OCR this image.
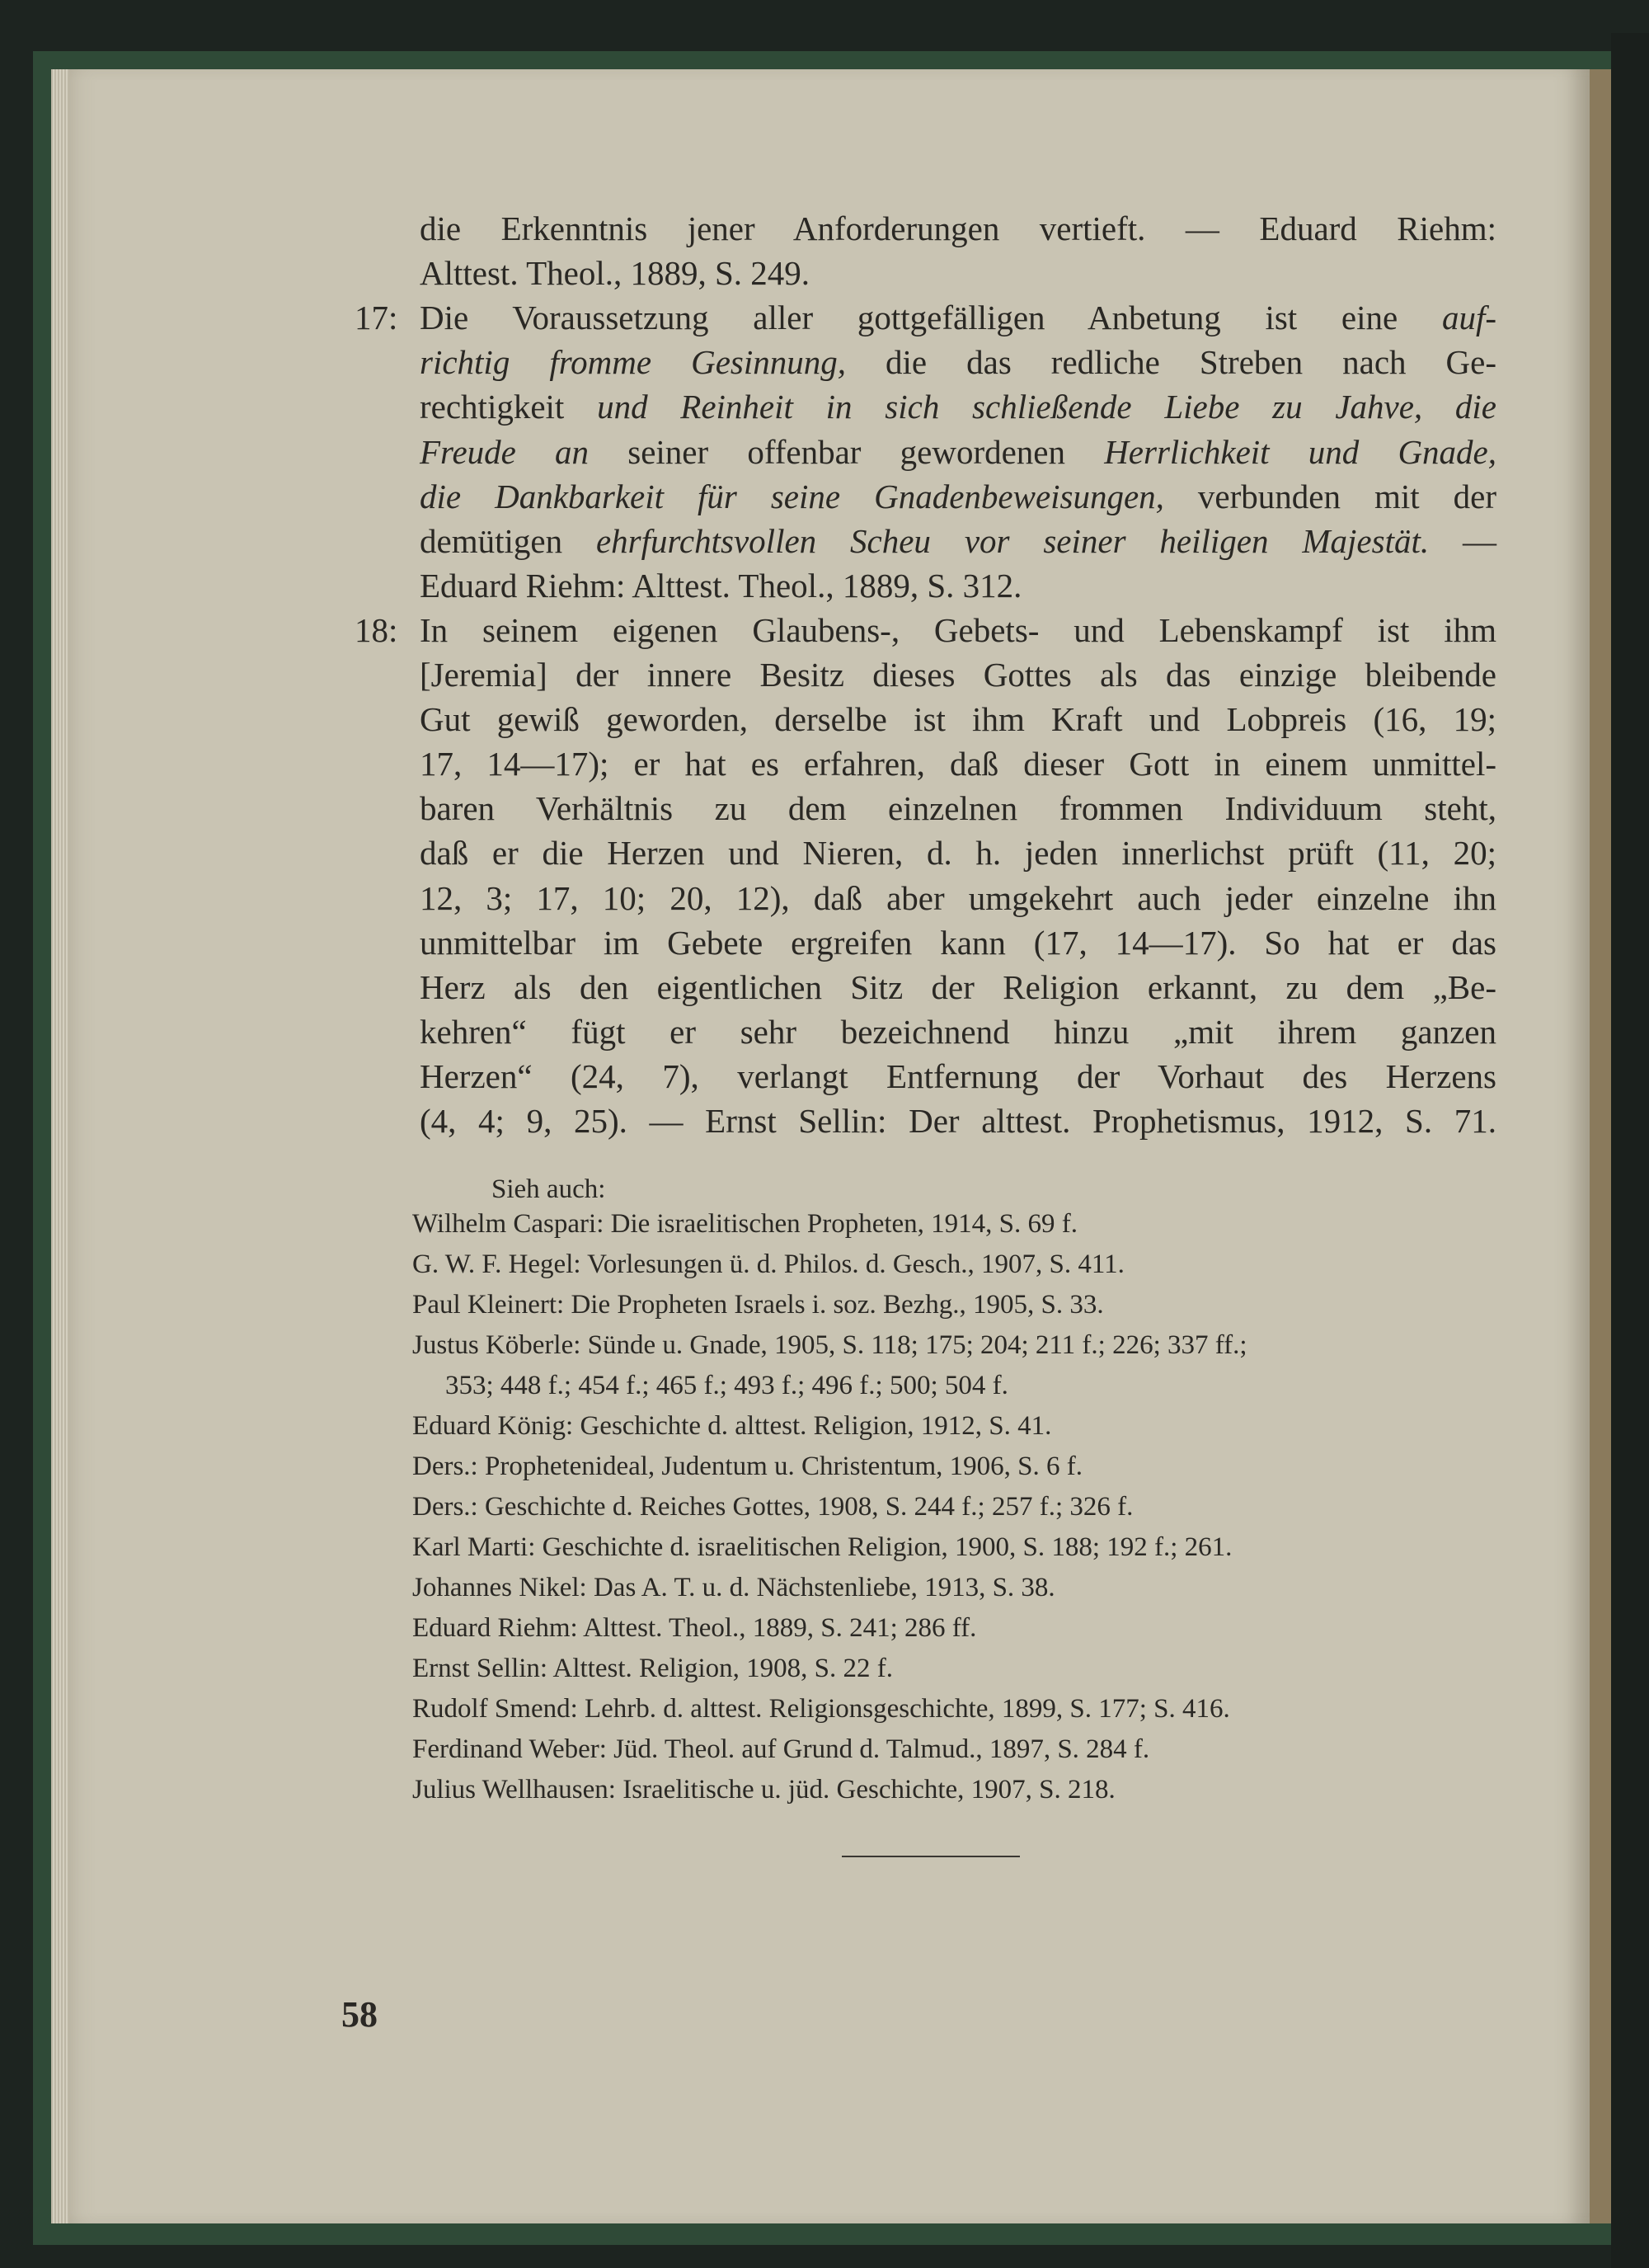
die Erkenntnis jener Anforderungen vertieft. — Eduard Riehm:
Alttest. Theol., 1889, S. 249.
17: Die Voraussetzung aller gottgefälligen Anbetung ist eine auf-
richtig fromme Gesinnung, die das redliche Streben nach Ge-
rechtigkeit und Reinheit in sich schließende Liebe zu Jahve, die
Freude an seiner offenbar gewordenen Herrlichkeit und Gnade,
die Dankbarkeit für seine Gnadenbeweisungen, verbunden mit der
demütigen ehrfurchtsvollen Scheu vor seiner heiligen Majestät. —
Eduard Riehm: Alttest. Theol., 1889, S. 312.
18: In seinem eigenen Glaubens-, Gebets- und Lebenskampf ist ihm
[Jeremia] der innere Besitz dieses Gottes als das einzige bleibende
Gut gewiß geworden, derselbe ist ihm Kraft und Lobpreis (16, 19;
17, 14—17); er hat es erfahren, daß dieser Gott in einem unmittel-
baren Verhältnis zu dem einzelnen frommen Individuum steht,
daß er die Herzen und Nieren, d. h. jeden innerlichst prüft (11, 20;
12, 3; 17, 10; 20, 12), daß aber umgekehrt auch jeder einzelne ihn
unmittelbar im Gebete ergreifen kann (17, 14—17). So hat er das
Herz als den eigentlichen Sitz der Religion erkannt, zu dem „Be-
kehren“ fügt er sehr bezeichnend hinzu „mit ihrem ganzen
Herzen“ (24, 7), verlangt Entfernung der Vorhaut des Herzens
(4, 4; 9, 25). — Ernst Sellin: Der alttest. Prophetismus, 1912, S. 71.
Sieh auch:
Wilhelm Caspari: Die israelitischen Propheten, 1914, S. 69 f.
G. W. F. Hegel: Vorlesungen ü. d. Philos. d. Gesch., 1907, S. 411.
Paul Kleinert: Die Propheten Israels i. soz. Bezhg., 1905, S. 33.
Justus Köberle: Sünde u. Gnade, 1905, S. 118; 175; 204; 211 f.; 226; 337 ff.;
353; 448 f.; 454 f.; 465 f.; 493 f.; 496 f.; 500; 504 f.
Eduard König: Geschichte d. alttest. Religion, 1912, S. 41.
Ders.: Prophetenideal, Judentum u. Christentum, 1906, S. 6 f.
Ders.: Geschichte d. Reiches Gottes, 1908, S. 244 f.; 257 f.; 326 f.
Karl Marti: Geschichte d. israelitischen Religion, 1900, S. 188; 192 f.; 261.
Johannes Nikel: Das A. T. u. d. Nächstenliebe, 1913, S. 38.
Eduard Riehm: Alttest. Theol., 1889, S. 241; 286 ff.
Ernst Sellin: Alttest. Religion, 1908, S. 22 f.
Rudolf Smend: Lehrb. d. alttest. Religionsgeschichte, 1899, S. 177; S. 416.
Ferdinand Weber: Jüd. Theol. auf Grund d. Talmud., 1897, S. 284 f.
Julius Wellhausen: Israelitische u. jüd. Geschichte, 1907, S. 218.
58
